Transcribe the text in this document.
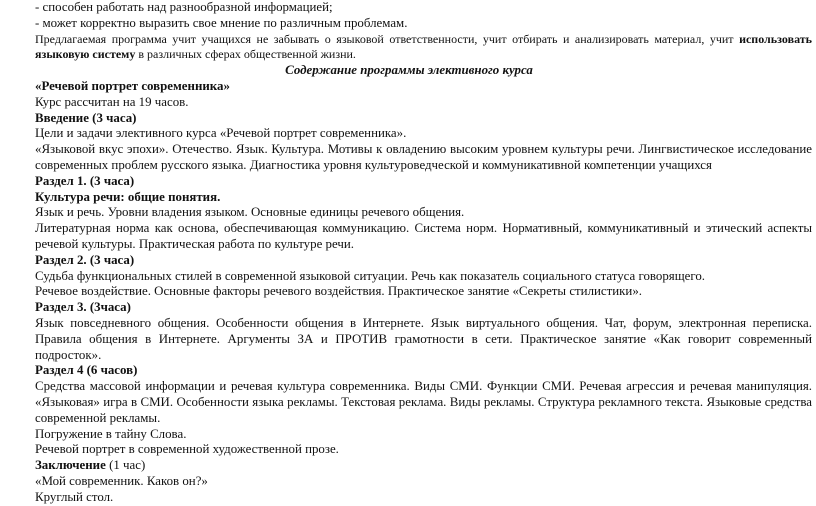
- способен работать над разнообразной информацией;

- может корректно выразить свое мнение по различным проблемам.

Предлагаемая программа учит учащихся не забывать о языковой ответственности, учит отбирать и анализировать материал, учит использовать языковую систему в различных сферах общественной жизни.

Содержание программы элективного курса

«Речевой портрет современника»

Курс рассчитан на 19 часов.

Введение (3 часа)

Цели и задачи элективного курса «Речевой портрет современника».

«Языковой вкус эпохи». Отечество. Язык. Культура. Мотивы к овладению высоким уровнем культуры речи. Лингвистическое исследование современных проблем русского языка. Диагностика уровня культуроведческой и коммуникативной компетенции учащихся

Раздел 1. (3 часа)

Культура речи: общие понятия.

Язык и речь. Уровни владения языком. Основные единицы речевого общения.

Литературная норма как основа, обеспечивающая коммуникацию. Система норм. Нормативный, коммуникативный и этический аспекты речевой культуры. Практическая работа по культуре речи.

Раздел 2. (3 часа)

Судьба функциональных стилей в современной языковой ситуации. Речь как показатель социального статуса говорящего.

Речевое воздействие. Основные факторы речевого воздействия. Практическое занятие «Секреты стилистики».

Раздел 3. (3часа)

Язык повседневного общения. Особенности общения в Интернете. Язык виртуального общения. Чат, форум, электронная переписка. Правила общения в Интернете. Аргументы ЗА и ПРОТИВ грамотности в сети. Практическое занятие «Как говорит современный подросток».

Раздел 4 (6 часов)

Средства массовой информации и речевая культура современника. Виды СМИ. Функции СМИ. Речевая агрессия и речевая манипуляция. «Языковая» игра в СМИ. Особенности языка рекламы. Текстовая реклама. Виды рекламы. Структура рекламного текста. Языковые средства современной рекламы.

Погружение в тайну Слова.

Речевой портрет в современной художественной прозе.

Заключение (1 час)

«Мой современник. Каков он?»

Круглый стол.
